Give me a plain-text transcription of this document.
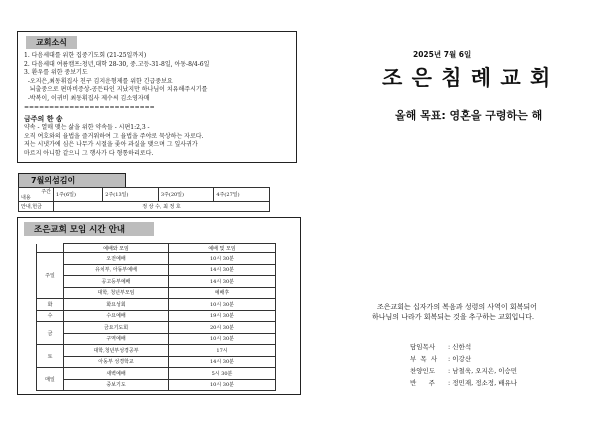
교회소식
1. 다음세대를 위한 집중기도회 (21-25일까지)
2. 다음세대 여름캠프:청년,대학 28-30, 중.고등-31-8일, 아동-8/4-6일
3. 환우를 위한 중보기도
-오지은,최동휘집사 친구 김지운형제를 위한 긴급중보요
뇌출중으로 편마비증상-공든타인 지났지만 하나님이 치유해주시기를
-박복이, 이귀비 최동휘집사 제수씨 김소영자매
==========================
금주의 한 송
약속 - 열매 맺는 삶을 위한 약속들 - 시편1:2,3 -
오직 여호와의 율법을 즐거워하여 그 율법을 주야로 묵상하는 자로다.
저는 시냇가에 심은 나무가 시절을 좇아 과실을 맺으며 그 잎사귀가
마르지 아니함 같으니 그 행사가 다 형통하리로다.
7월의섬김이
주간
내용	1주(6일)	2주(13일)	3주(20일)	4주(27일)
안내,헌금	정 상 수, 최 정 호			
조은교회 모임 시간 안내
	예배와 모임	예배 및 모임
주일	오전예배	10시 30분
	유치부, 아동부예배	14시 30분
	공고등부예배	14시 30분
	대학, 청년부모임	예배후
화	화요성회	10시 30분
수	수요예배	19시 30분
금	금요기도회	20시 30분
	구역예배	10시 30분
토	대학,청년부성경공부	17시
	아동부 성경학교	14시 30분
매일	새벽예배	5시 30분
	중보기도	10시 30분
2025년 7월 6일
조 은 침 례 교 회
올해 목표: 영혼을 구령하는 해
조은교회는 십자가의 복음과 성령의 사역이 회복되어
하나님의 나라가 회복되는 것을 추구하는 교회입니다.
담임목사 : 신한석
부  목  사 : 이강산
찬양인도 : 남철욱, 오지은, 이승민
반      주 : 정민재, 정소정, 배유나
